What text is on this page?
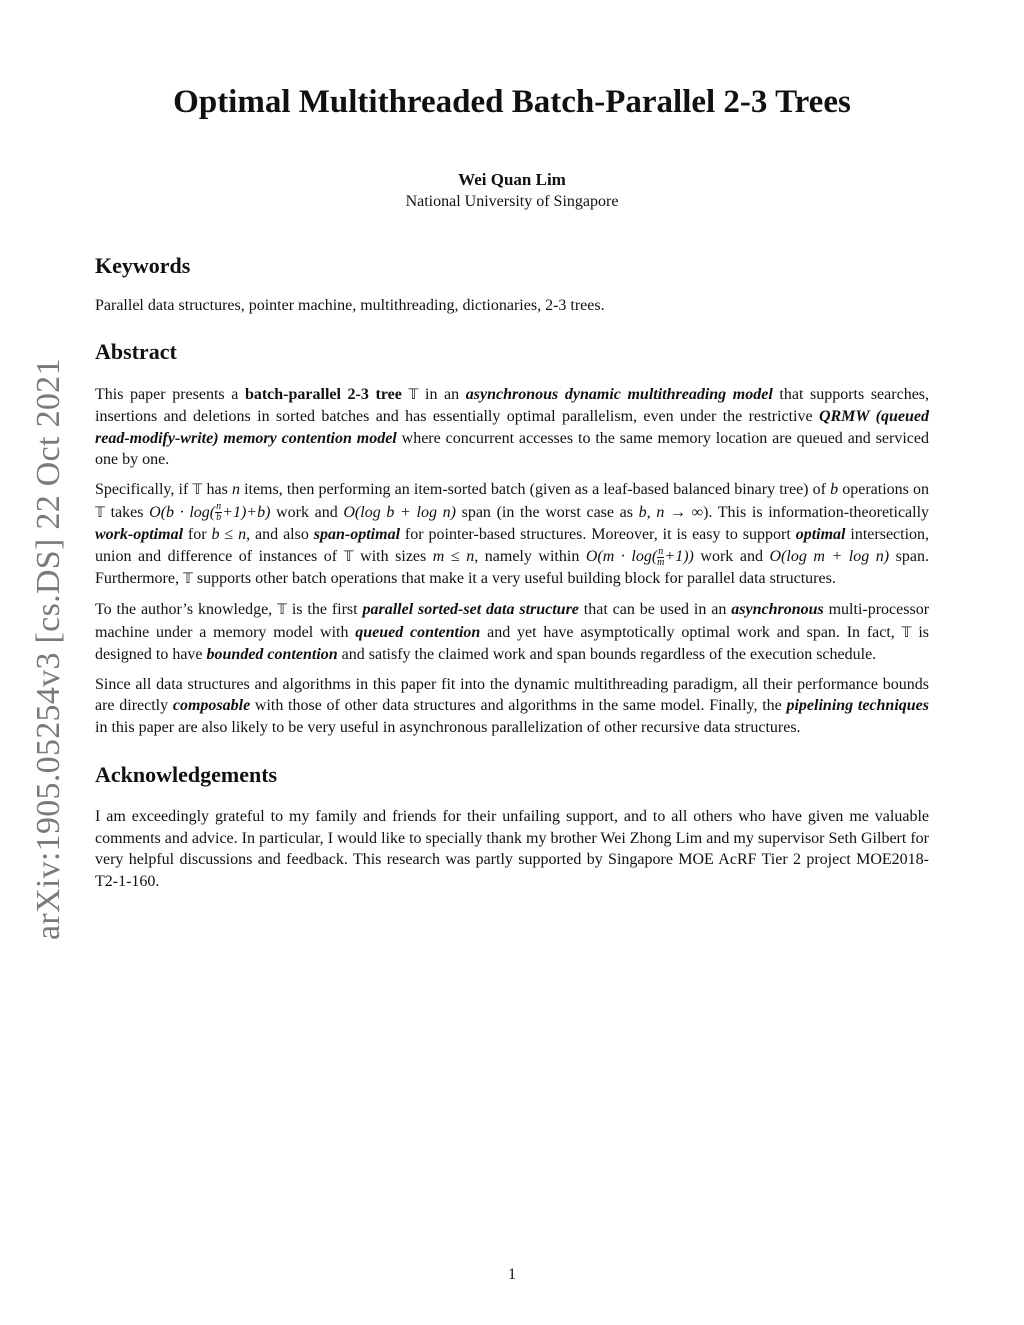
arXiv:1905.05254v3 [cs.DS] 22 Oct 2021
Optimal Multithreaded Batch-Parallel 2-3 Trees
Wei Quan Lim
National University of Singapore
Keywords

Parallel data structures, pointer machine, multithreading, dictionaries, 2-3 trees.

Abstract

This paper presents a batch-parallel 2-3 tree 𝕋 in an asynchronous dynamic multithreading model that supports searches, insertions and deletions in sorted batches and has essentially optimal parallelism, even under the restrictive QRMW (queued read-modify-write) memory contention model where concurrent accesses to the same memory location are queued and serviced one by one.

Specifically, if 𝕋 has n items, then performing an item-sorted batch (given as a leaf-based balanced binary tree) of b operations on 𝕋 takes $O(b \cdot \log( \frac{n}{b} +1)+b)$ work and O(log b + log n) span (in the worst case as b, n → ∞). This is information-theoretically work-optimal for b ≤ n, and also span-optimal for pointer-based structures. Moreover, it is easy to support optimal intersection, union and difference of instances of 𝕋 with sizes m ≤ n, namely within $O(m \cdot \log( \frac{n}{m} +1))$ work and O(log m + log n) span. Furthermore, 𝕋 supports other batch operations that make it a very useful building block for parallel data structures.

To the author’s knowledge, 𝕋 is the first parallel sorted-set data structure that can be used in an asynchronous multi-processor machine under a memory model with queued contention and yet have asymptotically optimal work and span. In fact, 𝕋 is designed to have bounded contention and satisfy the claimed work and span bounds regardless of the execution schedule.

Since all data structures and algorithms in this paper fit into the dynamic multithreading paradigm, all their performance bounds are directly composable with those of other data structures and algorithms in the same model. Finally, the pipelining techniques in this paper are also likely to be very useful in asynchronous parallelization of other recursive data structures.

Acknowledgements

I am exceedingly grateful to my family and friends for their unfailing support, and to all others who have given me valuable comments and advice. In particular, I would like to specially thank my brother Wei Zhong Lim and my supervisor Seth Gilbert for very helpful discussions and feedback. This research was partly supported by Singapore MOE AcRF Tier 2 project MOE2018-T2-1-160.

1
